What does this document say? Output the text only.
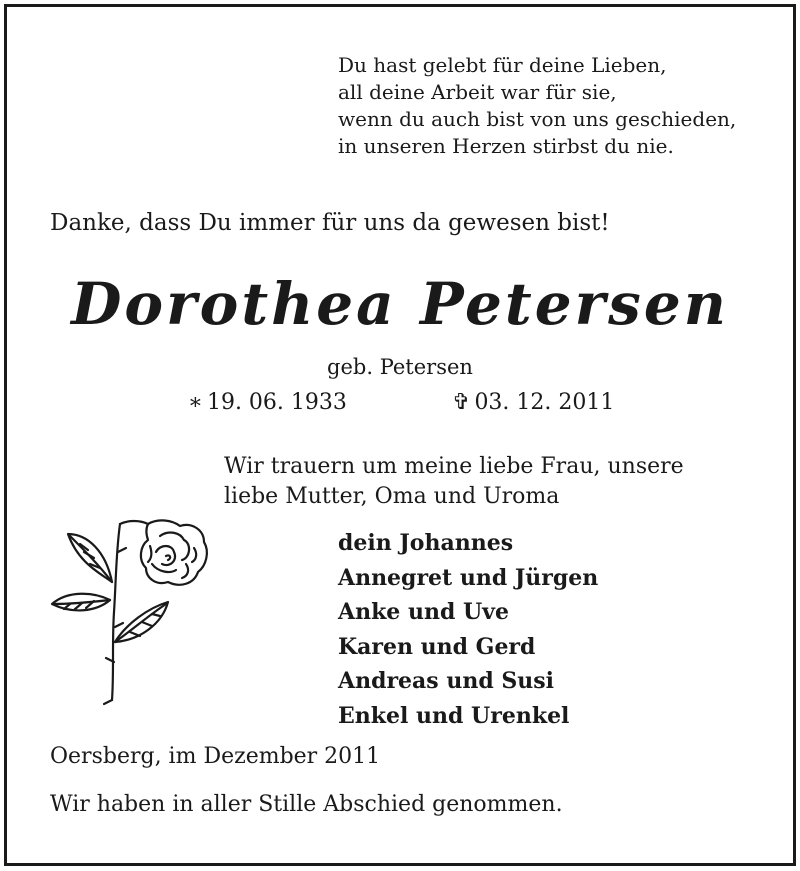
Du hast gelebt für deine Lieben,
all deine Arbeit war für sie,
wenn du auch bist von uns geschieden,
in unseren Herzen stirbst du nie.
Danke, dass Du immer für uns da gewesen bist!
Dorothea Petersen
geb. Petersen
∗ 19. 06. 1933	✞ 03. 12. 2011
Wir trauern um meine liebe Frau, unsere
liebe Mutter, Oma und Uroma
dein Johannes
Annegret und Jürgen
Anke und Uve
Karen und Gerd
Andreas und Susi
Enkel und Urenkel
Oersberg, im Dezember 2011
Wir haben in aller Stille Abschied genommen.
